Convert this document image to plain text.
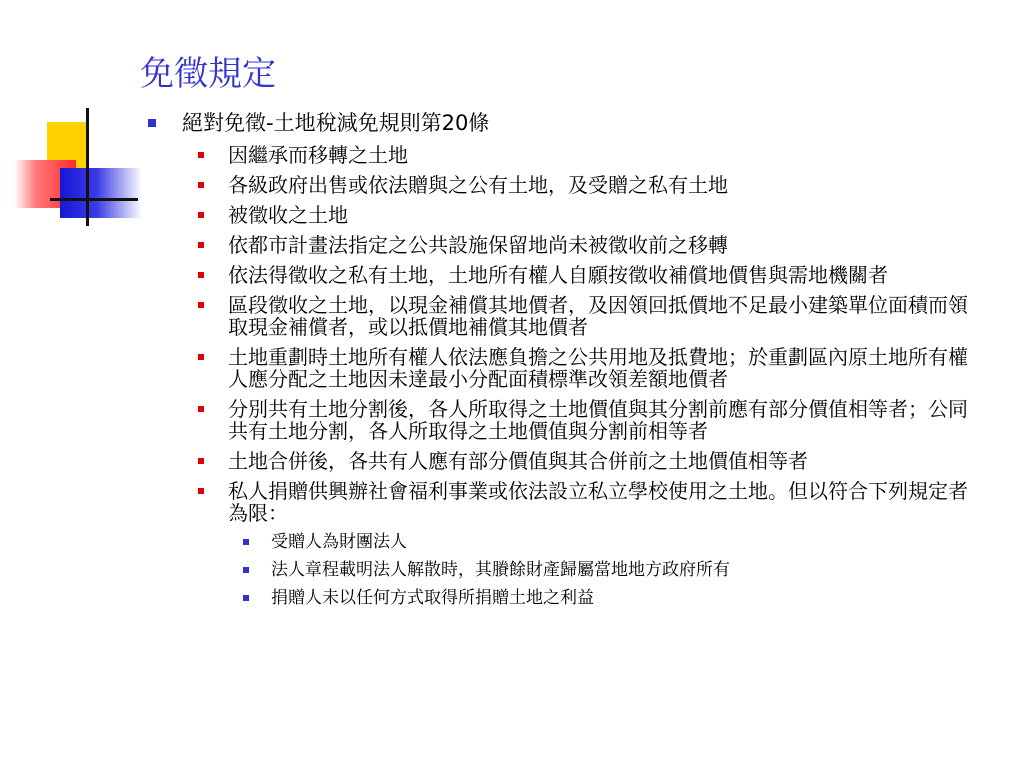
免徵規定
絕對免徵-土地稅減免規則第20條
因繼承而移轉之土地
各級政府出售或依法贈與之公有土地，及受贈之私有土地
被徵收之土地
依都市計畫法指定之公共設施保留地尚未被徵收前之移轉
依法得徵收之私有土地，土地所有權人自願按徵收補償地價售與需地機關者
區段徵收之土地，以現金補償其地價者，及因領回抵價地不足最小建築單位面積而領取現金補償者，或以抵價地補償其地價者
土地重劃時土地所有權人依法應負擔之公共用地及抵費地；於重劃區內原土地所有權人應分配之土地因未達最小分配面積標準改領差額地價者
分別共有土地分割後，各人所取得之土地價值與其分割前應有部分價值相等者；公同共有土地分割，各人所取得之土地價值與分割前相等者
土地合併後，各共有人應有部分價值與其合併前之土地價值相等者
私人捐贈供興辦社會福利事業或依法設立私立學校使用之土地。但以符合下列規定者為限：
受贈人為財團法人
法人章程載明法人解散時，其賸餘財產歸屬當地地方政府所有
捐贈人未以任何方式取得所捐贈土地之利益
